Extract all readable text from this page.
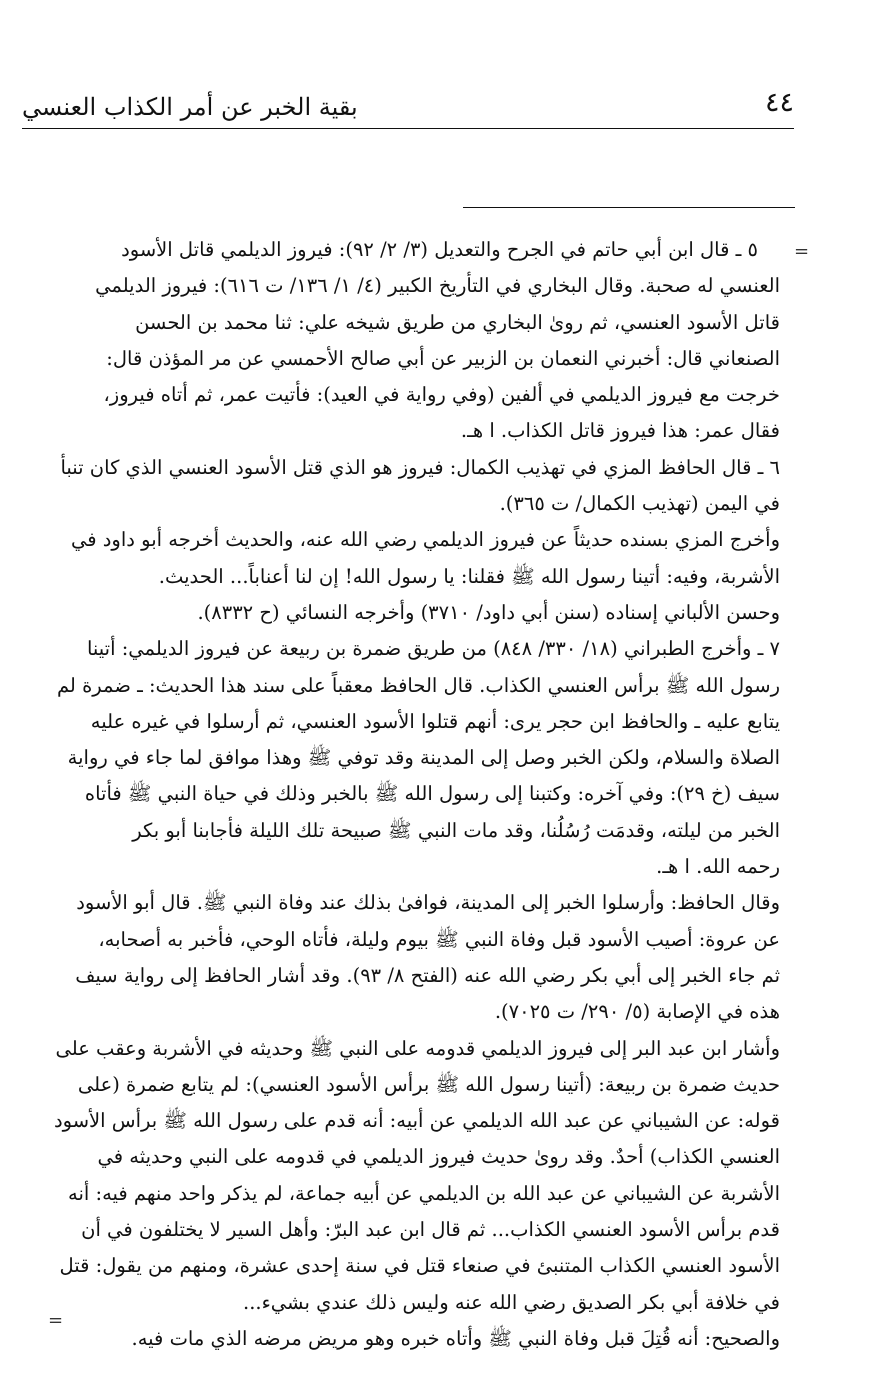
٤٤
بقية الخبر عن أمر الكذاب العنسي
=
=
٥ ـ قال ابن أبي حاتم في الجرح والتعديل (٣/ ٢/ ٩٢): فيروز الديلمي قاتل الأسود
العنسي له صحبة. وقال البخاري في التأريخ الكبير (٤/ ١/ ١٣٦/ ت ٦١٦): فيروز الديلمي
قاتل الأسود العنسي، ثم روىٰ البخاري من طريق شيخه علي: ثنا محمد بن الحسن
الصنعاني قال: أخبرني النعمان بن الزبير عن أبي صالح الأحمسي عن مر المؤذن قال:
خرجت مع فيروز الديلمي في ألفين (وفي رواية في العيد): فأتيت عمر، ثم أتاه فيروز،
فقال عمر: هذا فيروز قاتل الكذاب. ا هـ.
٦ ـ قال الحافظ المزي في تهذيب الكمال: فيروز هو الذي قتل الأسود العنسي الذي كان تنبأ
في اليمن (تهذيب الكمال/ ت ٣٦٥).
وأخرج المزي بسنده حديثاً عن فيروز الديلمي رضي الله عنه، والحديث أخرجه أبو داود في
الأشربة، وفيه: أتينا رسول الله ﷺ فقلنا: يا رسول الله! إن لنا أعناباً... الحديث.
وحسن الألباني إسناده (سنن أبي داود/ ٣٧١٠) وأخرجه النسائي (ح ٨٣٣٢).
٧ ـ وأخرج الطبراني (١٨/ ٣٣٠/ ٨٤٨) من طريق ضمرة بن ربيعة عن فيروز الديلمي: أتينا
رسول الله ﷺ برأس العنسي الكذاب. قال الحافظ معقباً على سند هذا الحديث: ـ ضمرة لم
يتابع عليه ـ والحافظ ابن حجر يرى: أنهم قتلوا الأسود العنسي، ثم أرسلوا في غيره عليه
الصلاة والسلام، ولكن الخبر وصل إلى المدينة وقد توفي ﷺ وهذا موافق لما جاء في رواية
سيف (خ ٢٩): وفي آخره: وكتبنا إلى رسول الله ﷺ بالخبر وذلك في حياة النبي ﷺ فأتاه
الخبر من ليلته، وقدمَت رُسُلُنا، وقد مات النبي ﷺ صبيحة تلك الليلة فأجابنا أبو بكر
رحمه الله. ا هـ.
وقال الحافظ: وأرسلوا الخبر إلى المدينة، فوافىٰ بذلك عند وفاة النبي ﷺ. قال أبو الأسود
عن عروة: أصيب الأسود قبل وفاة النبي ﷺ بيوم وليلة، فأتاه الوحي، فأخبر به أصحابه،
ثم جاء الخبر إلى أبي بكر رضي الله عنه (الفتح ٨/ ٩٣). وقد أشار الحافظ إلى رواية سيف
هذه في الإصابة (٥/ ٢٩٠/ ت ٧٠٢٥).
وأشار ابن عبد البر إلى فيروز الديلمي قدومه على النبي ﷺ وحديثه في الأشربة وعقب على
حديث ضمرة بن ربيعة: (أتينا رسول الله ﷺ برأس الأسود العنسي): لم يتابع ضمرة (على
قوله: عن الشيباني عن عبد الله الديلمي عن أبيه: أنه قدم على رسول الله ﷺ برأس الأسود
العنسي الكذاب) أحدٌ. وقد روىٰ حديث فيروز الديلمي في قدومه على النبي وحديثه في
الأشربة عن الشيباني عن عبد الله بن الديلمي عن أبيه جماعة، لم يذكر واحد منهم فيه: أنه
قدم برأس الأسود العنسي الكذاب... ثم قال ابن عبد البرّ: وأهل السير لا يختلفون في أن
الأسود العنسي الكذاب المتنبئ في صنعاء قتل في سنة إحدى عشرة، ومنهم من يقول: قتل
في خلافة أبي بكر الصديق رضي الله عنه وليس ذلك عندي بشيء...
والصحيح: أنه قُتِلَ قبل وفاة النبي ﷺ وأتاه خبره وهو مريض مرضه الذي مات فيه.
